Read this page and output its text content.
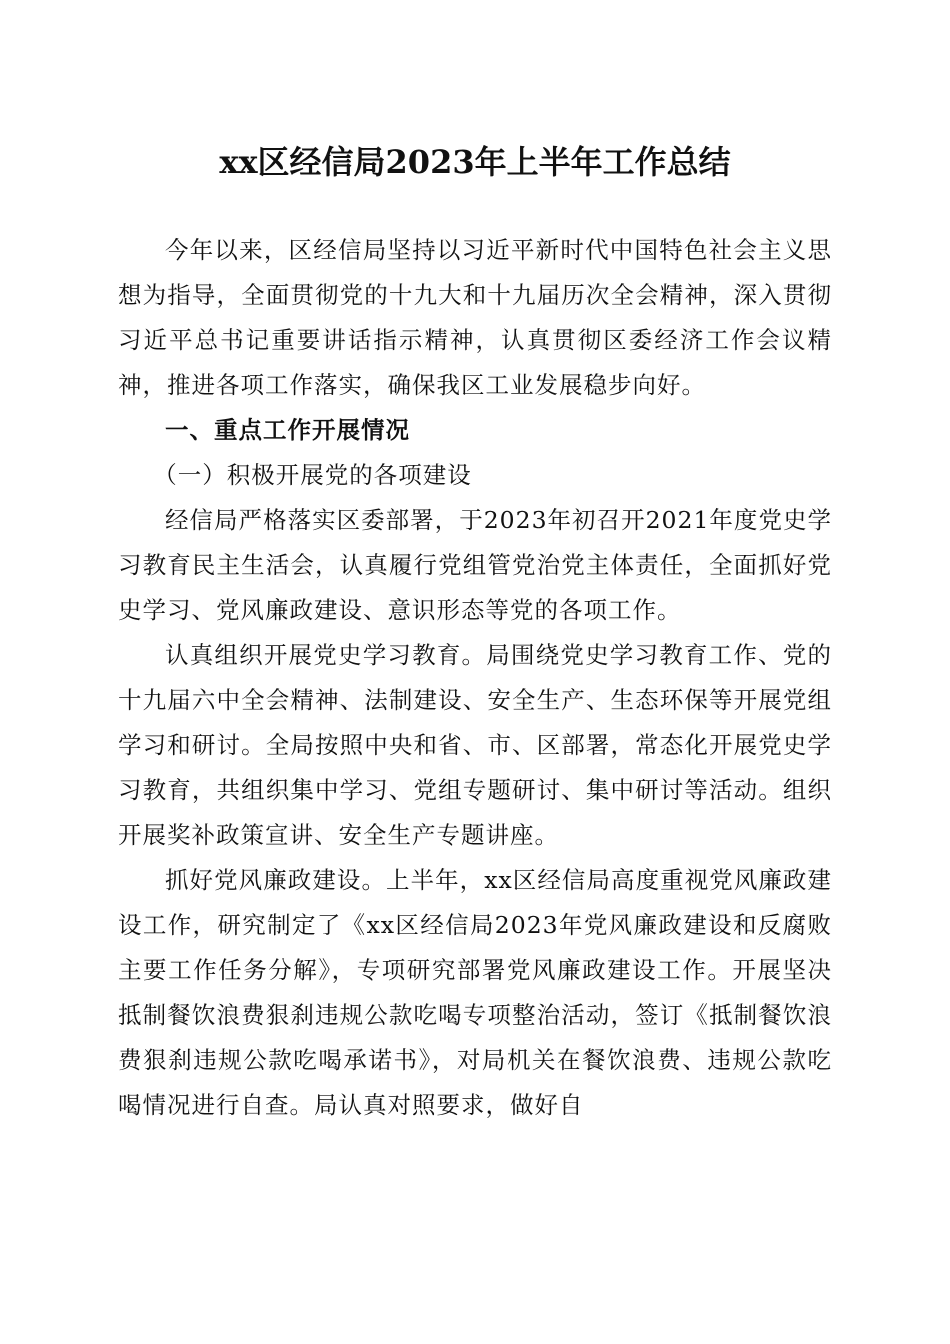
xx区经信局2023年上半年工作总结

今年以来，区经信局坚持以习近平新时代中国特色社会主义思想为指导，全面贯彻党的十九大和十九届历次全会精神，深入贯彻习近平总书记重要讲话指示精神，认真贯彻区委经济工作会议精神，推进各项工作落实，确保我区工业发展稳步向好。

一、重点工作开展情况

（一）积极开展党的各项建设

经信局严格落实区委部署，于2023年初召开2021年度党史学习教育民主生活会，认真履行党组管党治党主体责任，全面抓好党史学习、党风廉政建设、意识形态等党的各项工作。

认真组织开展党史学习教育。局围绕党史学习教育工作、党的十九届六中全会精神、法制建设、安全生产、生态环保等开展党组学习和研讨。全局按照中央和省、市、区部署，常态化开展党史学习教育，共组织集中学习、党组专题研讨、集中研讨等活动。组织开展奖补政策宣讲、安全生产专题讲座。

抓好党风廉政建设。上半年，xx区经信局高度重视党风廉政建设工作，研究制定了《xx区经信局2023年党风廉政建设和反腐败主要工作任务分解》，专项研究部署党风廉政建设工作。开展坚决抵制餐饮浪费狠刹违规公款吃喝专项整治活动，签订《抵制餐饮浪费狠刹违规公款吃喝承诺书》，对局机关在餐饮浪费、违规公款吃喝情况进行自查。局认真对照要求，做好自
